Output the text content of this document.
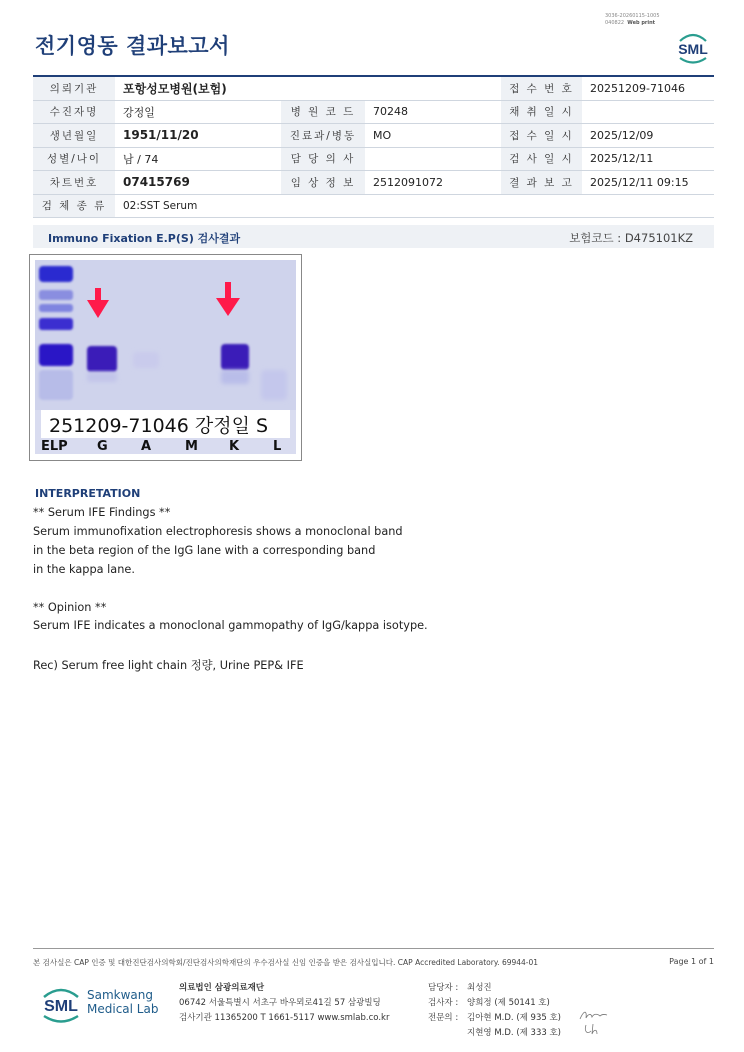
전기영동 결과보고서
3036-20260115-1005
040822 Web print
SML
의뢰기관	포항성모병원(보험)			접 수 번 호	20251209-71046
수진자명	강정일	병 원 코 드	70248	채 취 일 시	
생년월일	1951/11/20	진료과/병동	MO	접 수 일 시	2025/12/09
성별/나이	남 / 74	담 당 의 사		검 사 일 시	2025/12/11
차트번호	07415769	임 상 정 보	2512091072	결 과 보 고	2025/12/11 09:15
검 체 종 류	02:SST Serum				
Immuno Fixation E.P(S) 검사결과	보험코드 : D475101KZ
251209-71046 강정일 S
ELP G	A	M K	L
INTERPRETATION
** Serum IFE Findings **
Serum immunofixation electrophoresis shows a monoclonal band
in the beta region of the IgG lane with a corresponding band
in the kappa lane.
** Opinion **
Serum IFE indicates a monoclonal gammopathy of IgG/kappa isotype.
Rec) Serum free light chain 정량, Urine PEP& IFE
본 검사실은 CAP 인증 및 대한진단검사의학회/진단검사의학재단의 우수검사실 신임 인증을 받은 검사실입니다. CAP Accredited Laboratory. 69944-01	Page 1 of 1
SML
Samkwang
Medical Lab
의료법인 삼광의료재단
06742 서울특별시 서초구 바우뫼로41길 57 삼광빌딩
검사기관 11365200 T 1661-5117 www.smlab.co.kr
담당자 : 최성진
검사자 : 양희정 (제 50141 호)
전문의 : 김아현 M.D. (제 935 호)
지현영 M.D. (제 333 호)
